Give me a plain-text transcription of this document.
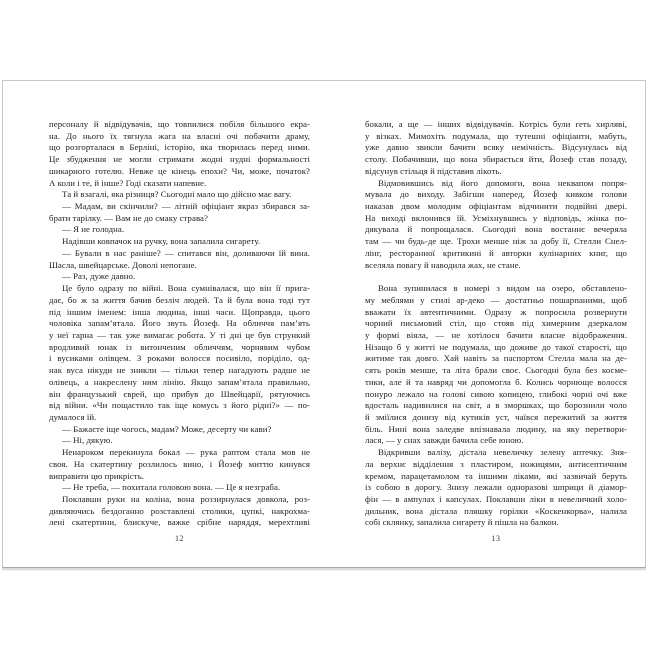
персоналу й відвідувачів, що товпилися побіля більшого екра-
на. До нього їх тягнула жага на власні очі побачити драму,
що розгорталася в Берліні, історію, яка творилась перед ними.
Це збудження не могли стримати жодні нудні формальності
шикарного готелю. Невже це кінець епохи? Чи, може, початок?
А коли і те, й інше? Годі сказати напевне.
Та й взагалі, яка різниця? Сьогодні мало що дійсно має вагу.
— Мадам, ви скінчили? — літній офіціант якраз збирався за-
брати тарілку. — Вам не до смаку страва?
— Я не голодна.
Надівши ковпачок на ручку, вона запалила сигарету.
— Бували в нас раніше? — спитався він, доливаючи їй вина.
Шасла, швейцарське. Доволі непогане.
— Раз, дуже давно.
Це було одразу по війні. Вона сумнівалася, що він її прига-
дає, бо ж за життя бачив безліч людей. Та й була вона тоді тут
під іншим іменем: інша людина, інші часи. Щоправда, цього
чоловіка запам’ятала. Його звуть Йозеф. На обличчя пам’ять
у неї гарна — так уже вимагає робота. У ті дні це був стрункий
вродливий юнак із витонченим обличчям, чорнявим чубом
і вусиками олівцем. З роками волосся посивіло, поріділо, од-
нак вуса нікуди не зникли — тільки тепер нагадують радше не
олівець, а накреслену ним лінію. Якщо запам’ятала правильно,
він французький єврей, що прибув до Швейцарії, рятуючись
від війни. «Чи пощастило так іще комусь з його рідні?» — по-
думалося їй.
— Бажаєте іще чогось, мадам? Може, десерту чи кави?
— Ні, дякую.
Ненароком перекинула бокал — рука раптом стала мов не
своя. На скатертину розлилось вино, і Йозеф миттю кинувся
виправити цю прикрість.
— Не треба, — похитала головою вона. — Це я незграба.
Поклавши руки на коліна, вона роззирнулася довкола, роз-
дивляючись бездоганно розставлені столики, цупкі, накрохма-
лені скатертини, блискуче, важке срібне наряддя, мерехтливі
12
бокали, а ще — інших відвідувачів. Котрісь були геть хирляві,
у візках. Мимохіть подумала, що тутешні офіціанти, мабуть,
уже давно звикли бачити всяку немічність. Відсунулась від
столу. Побачивши, що вона збирається йти, Йозеф став позаду,
відсунув стільця й підставив лікоть.
Відмовившись від його допомоги, вона неквапом попря-
мувала до виходу. Забігши наперед, Йозеф кивком голови
наказав двом молодим офіціантам відчинити подвійні двері.
На виході вклонився їй. Усміхнувшись у відповідь, жінка по-
дякувала й попрощалася. Сьогодні вона востаннє вечеряла
там — чи будь-де ще. Трохи менше ніж за добу її, Стелли Снел-
лінг, ресторанної критикині й авторки кулінарних книг, що
вселяла повагу й наводила жах, не стане.
Вона зупинилася в номері з видом на озеро, обставлено-
му меблями у стилі ар-деко — достатньо пошарпаними, щоб
вважати їх автентичними. Одразу ж попросила розвернути
чорний письмовий стіл, що стояв під химерним дзеркалом
у формі віяла, — не хотілося бачити власне відображення.
Нізащо б у житті не подумала, що доживе до такої старості, що
житиме так довго. Хай навіть за паспортом Стелла мала на де-
сять років менше, та літа брали своє. Сьогодні була без косме-
тики, але й та навряд чи допомогла б. Колись чорнюще волосся
понуро лежало на голові сивою копицею, глибокі чорні очі вже
вдосталь надивилися на світ, а в зморшках, що борознили чоло
й зміїлися донизу від кутиків уст, чаївся пережитий за життя
біль. Нині вона заледве впізнавала людину, на яку перетвори-
лася, — у снах завжди бачила себе юною.
Відкривши валізу, дістала невеличку зелену аптечку. Зня-
ла верхнє відділення з пластиром, ножицями, антисептичним
кремом, парацетамолом та іншими ліками, які зазвичай беруть
із собою в дорогу. Знизу лежали одноразові шприци й діамор-
фін — в ампулах і капсулах. Поклавши ліки в невеличкий холо-
дильник, вона дістала пляшку горілки «Коскенкорва», налила
собі склянку, запалила сигарету й пішла на балкон.
13
